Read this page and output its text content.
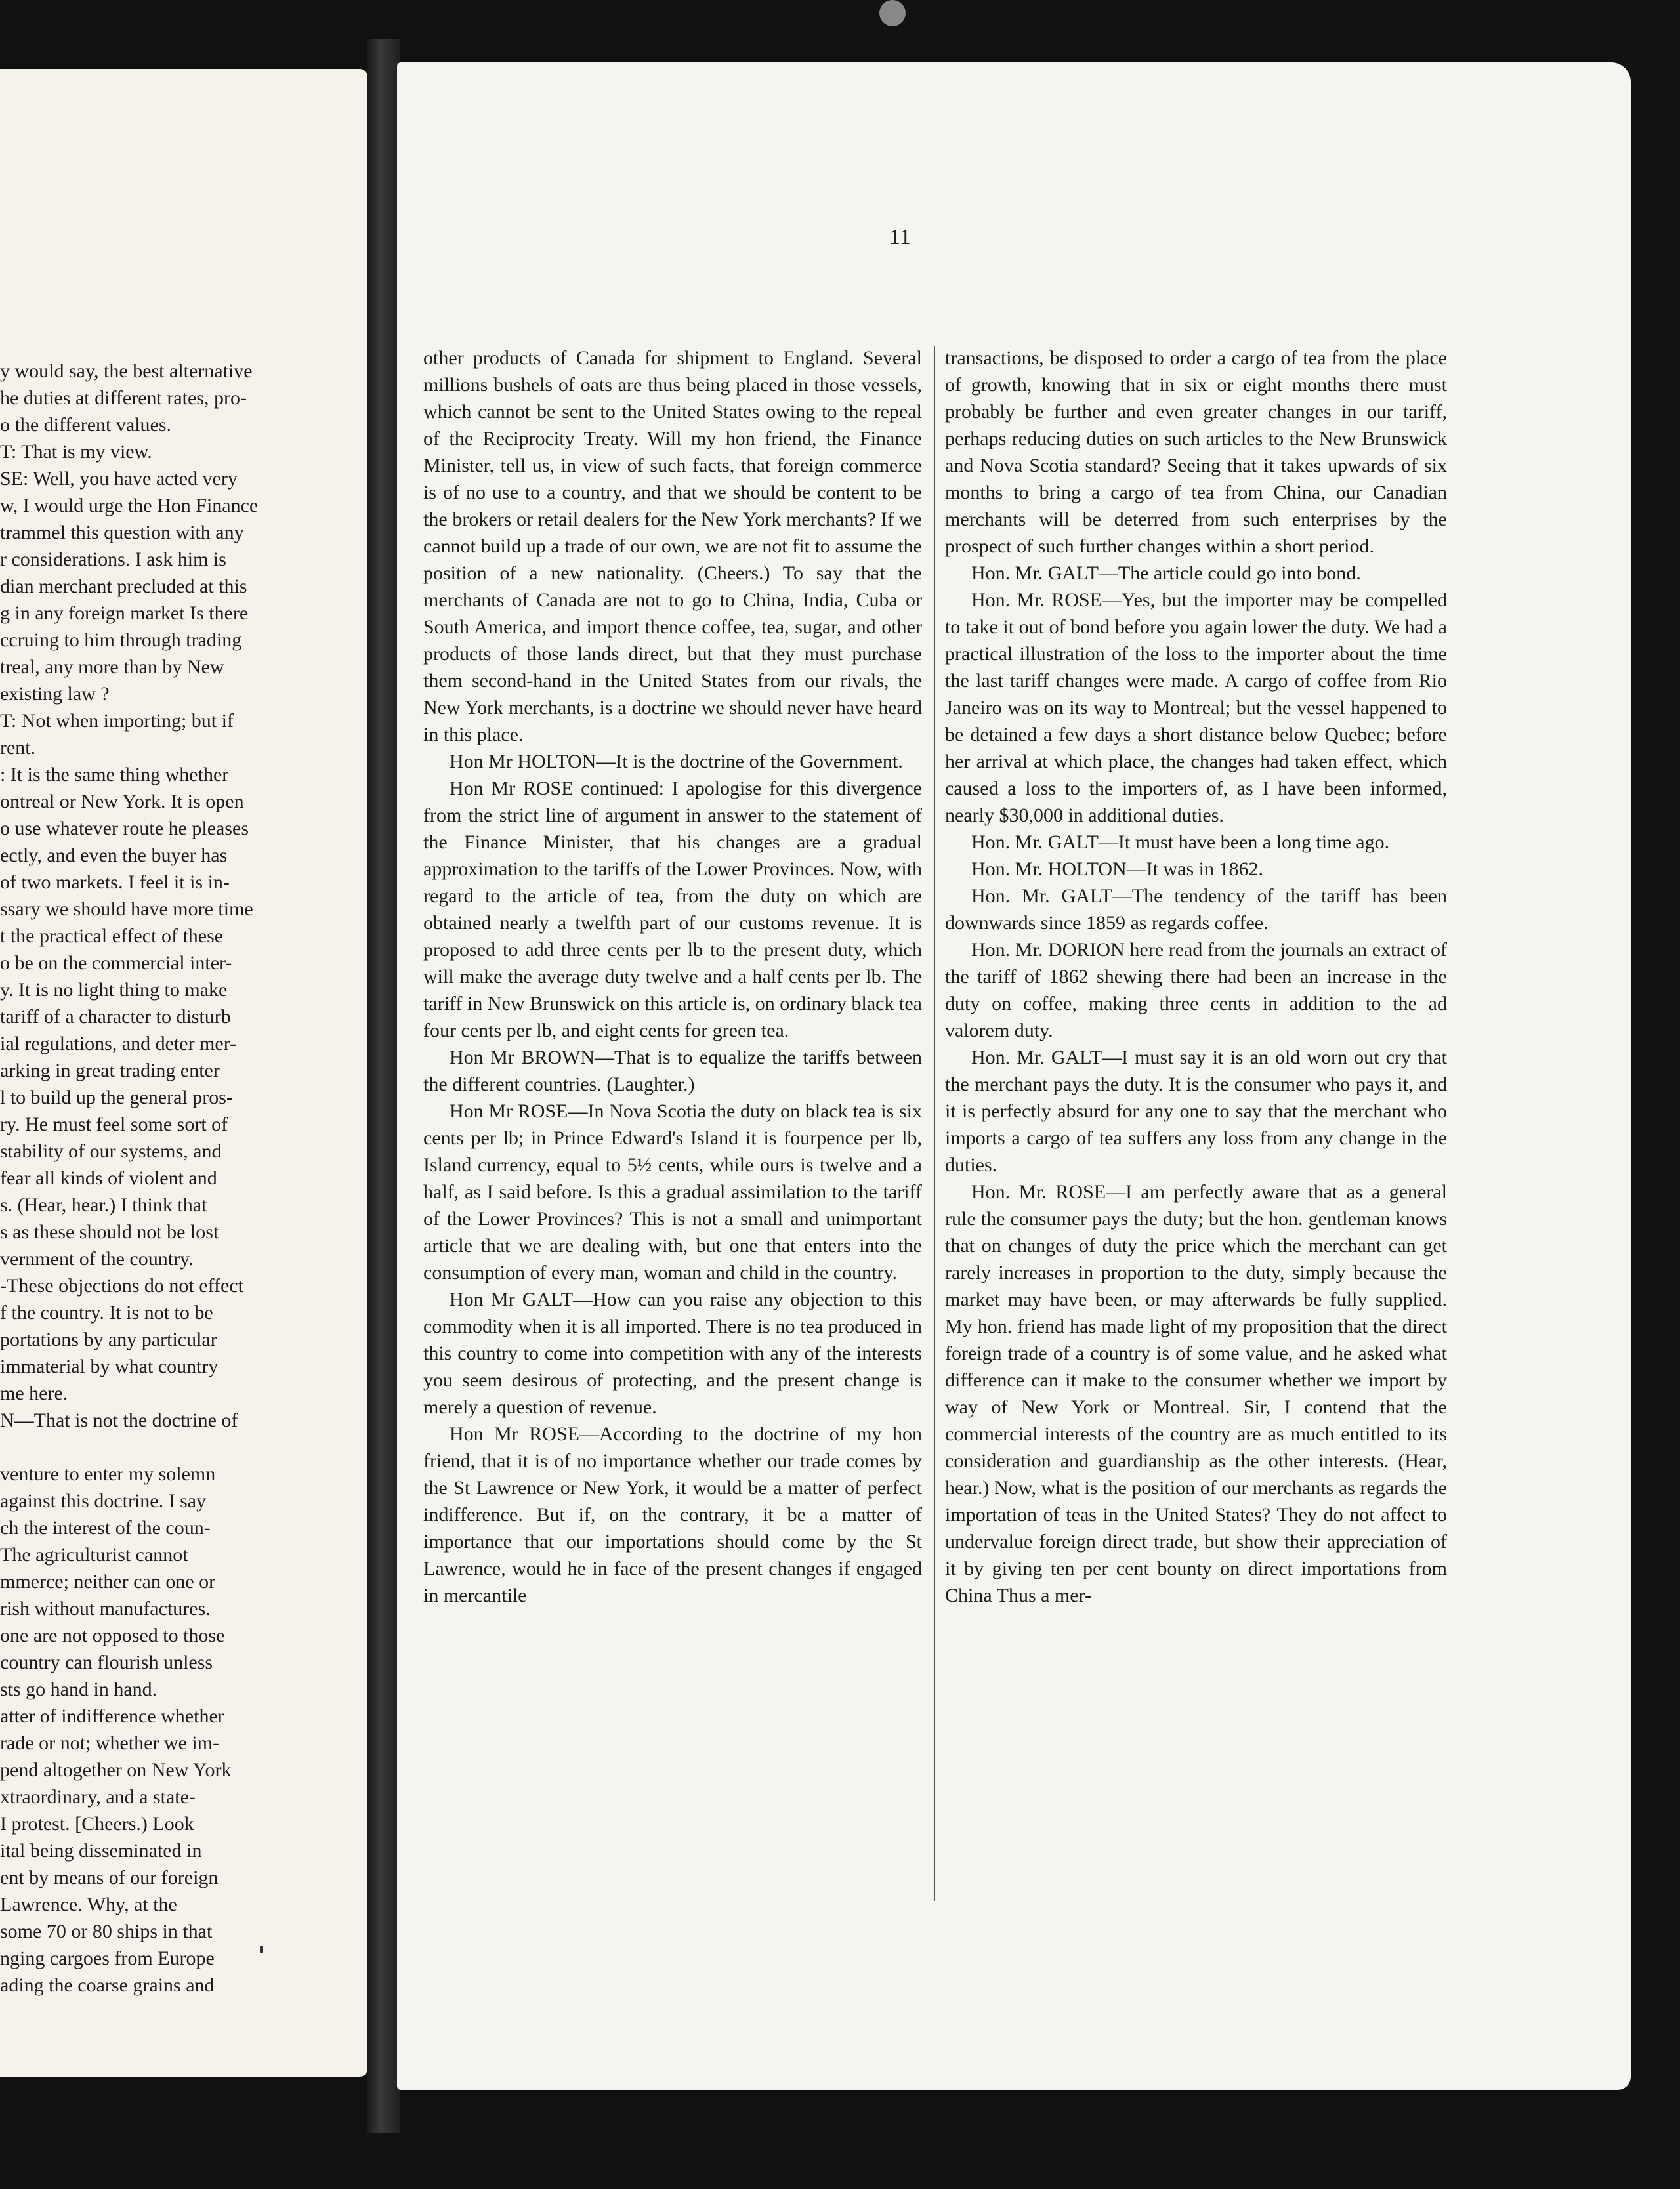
y would say, the best alternative
he duties at different rates, pro-
o the different values.
T: That is my view.
SE: Well, you have acted very
w, I would urge the Hon Finance
trammel this question with any
r considerations. I ask him is
dian merchant precluded at this
g in any foreign market Is there
ccruing to him through trading
treal, any more than by New
existing law ?
T: Not when importing; but if
rent.
: It is the same thing whether
ontreal or New York. It is open
o use whatever route he pleases
ectly, and even the buyer has
of two markets. I feel it is in-
ssary we should have more time
t the practical effect of these
o be on the commercial inter-
y. It is no light thing to make
tariff of a character to disturb
ial regulations, and deter mer-
arking in great trading enter
l to build up the general pros-
ry. He must feel some sort of
stability of our systems, and
fear all kinds of violent and
s. (Hear, hear.) I think that
s as these should not be lost
vernment of the country.
-These objections do not effect
f the country. It is not to be
portations by any particular
immaterial by what country
me here.
N—That is not the doctrine of
venture to enter my solemn
against this doctrine. I say
ch the interest of the coun-
The agriculturist cannot
mmerce; neither can one or
rish without manufactures.
one are not opposed to those
country can flourish unless
sts go hand in hand.
atter of indifference whether
rade or not; whether we im-
pend altogether on New York
xtraordinary, and a state-
I protest. [Cheers.) Look
ital being disseminated in
ent by means of our foreign
Lawrence. Why, at the
some 70 or 80 ships in that
nging cargoes from Europe
ading the coarse grains and
11

other products of Canada for shipment to England. Several millions bushels of oats are thus being placed in those vessels, which cannot be sent to the United States owing to the repeal of the Reciprocity Treaty. Will my hon friend, the Finance Minister, tell us, in view of such facts, that foreign commerce is of no use to a country, and that we should be content to be the brokers or retail dealers for the New York merchants? If we cannot build up a trade of our own, we are not fit to assume the position of a new nationality. (Cheers.) To say that the merchants of Canada are not to go to China, India, Cuba or South America, and import thence coffee, tea, sugar, and other products of those lands direct, but that they must purchase them second-hand in the United States from our rivals, the New York merchants, is a doctrine we should never have heard in this place.

Hon Mr HOLTON—It is the doctrine of the Government.

Hon Mr ROSE continued: I apologise for this divergence from the strict line of argument in answer to the statement of the Finance Minister, that his changes are a gradual approximation to the tariffs of the Lower Provinces. Now, with regard to the article of tea, from the duty on which are obtained nearly a twelfth part of our customs revenue. It is proposed to add three cents per lb to the present duty, which will make the average duty twelve and a half cents per lb. The tariff in New Brunswick on this article is, on ordinary black tea four cents per lb, and eight cents for green tea.

Hon Mr BROWN—That is to equalize the tariffs between the different countries. (Laughter.)

Hon Mr ROSE—In Nova Scotia the duty on black tea is six cents per lb; in Prince Edward's Island it is fourpence per lb, Island currency, equal to 5½ cents, while ours is twelve and a half, as I said before. Is this a gradual assimilation to the tariff of the Lower Provinces? This is not a small and unimportant article that we are dealing with, but one that enters into the consumption of every man, woman and child in the country.

Hon Mr GALT—How can you raise any objection to this commodity when it is all imported. There is no tea produced in this country to come into competition with any of the interests you seem desirous of protecting, and the present change is merely a question of revenue.

Hon Mr ROSE—According to the doctrine of my hon friend, that it is of no importance whether our trade comes by the St Lawrence or New York, it would be a matter of perfect indifference. But if, on the contrary, it be a matter of importance that our importations should come by the St Lawrence, would he in face of the present changes if engaged in mercantile

transactions, be disposed to order a cargo of tea from the place of growth, knowing that in six or eight months there must probably be further and even greater changes in our tariff, perhaps reducing duties on such articles to the New Brunswick and Nova Scotia standard? Seeing that it takes upwards of six months to bring a cargo of tea from China, our Canadian merchants will be deterred from such enterprises by the prospect of such further changes within a short period.

Hon. Mr. GALT—The article could go into bond.

Hon. Mr. ROSE—Yes, but the importer may be compelled to take it out of bond before you again lower the duty. We had a practical illustration of the loss to the importer about the time the last tariff changes were made. A cargo of coffee from Rio Janeiro was on its way to Montreal; but the vessel happened to be detained a few days a short distance below Quebec; before her arrival at which place, the changes had taken effect, which caused a loss to the importers of, as I have been informed, nearly $30,000 in additional duties.

Hon. Mr. GALT—It must have been a long time ago.

Hon. Mr. HOLTON—It was in 1862.

Hon. Mr. GALT—The tendency of the tariff has been downwards since 1859 as regards coffee.

Hon. Mr. DORION here read from the journals an extract of the tariff of 1862 shewing there had been an increase in the duty on coffee, making three cents in addition to the ad valorem duty.

Hon. Mr. GALT—I must say it is an old worn out cry that the merchant pays the duty. It is the consumer who pays it, and it is perfectly absurd for any one to say that the merchant who imports a cargo of tea suffers any loss from any change in the duties.

Hon. Mr. ROSE—I am perfectly aware that as a general rule the consumer pays the duty; but the hon. gentleman knows that on changes of duty the price which the merchant can get rarely increases in proportion to the duty, simply because the market may have been, or may afterwards be fully supplied. My hon. friend has made light of my proposition that the direct foreign trade of a country is of some value, and he asked what difference can it make to the consumer whether we import by way of New York or Montreal. Sir, I contend that the commercial interests of the country are as much entitled to its consideration and guardianship as the other interests. (Hear, hear.) Now, what is the position of our merchants as regards the importation of teas in the United States? They do not affect to undervalue foreign direct trade, but show their appreciation of it by giving ten per cent bounty on direct importations from China Thus a mer-
